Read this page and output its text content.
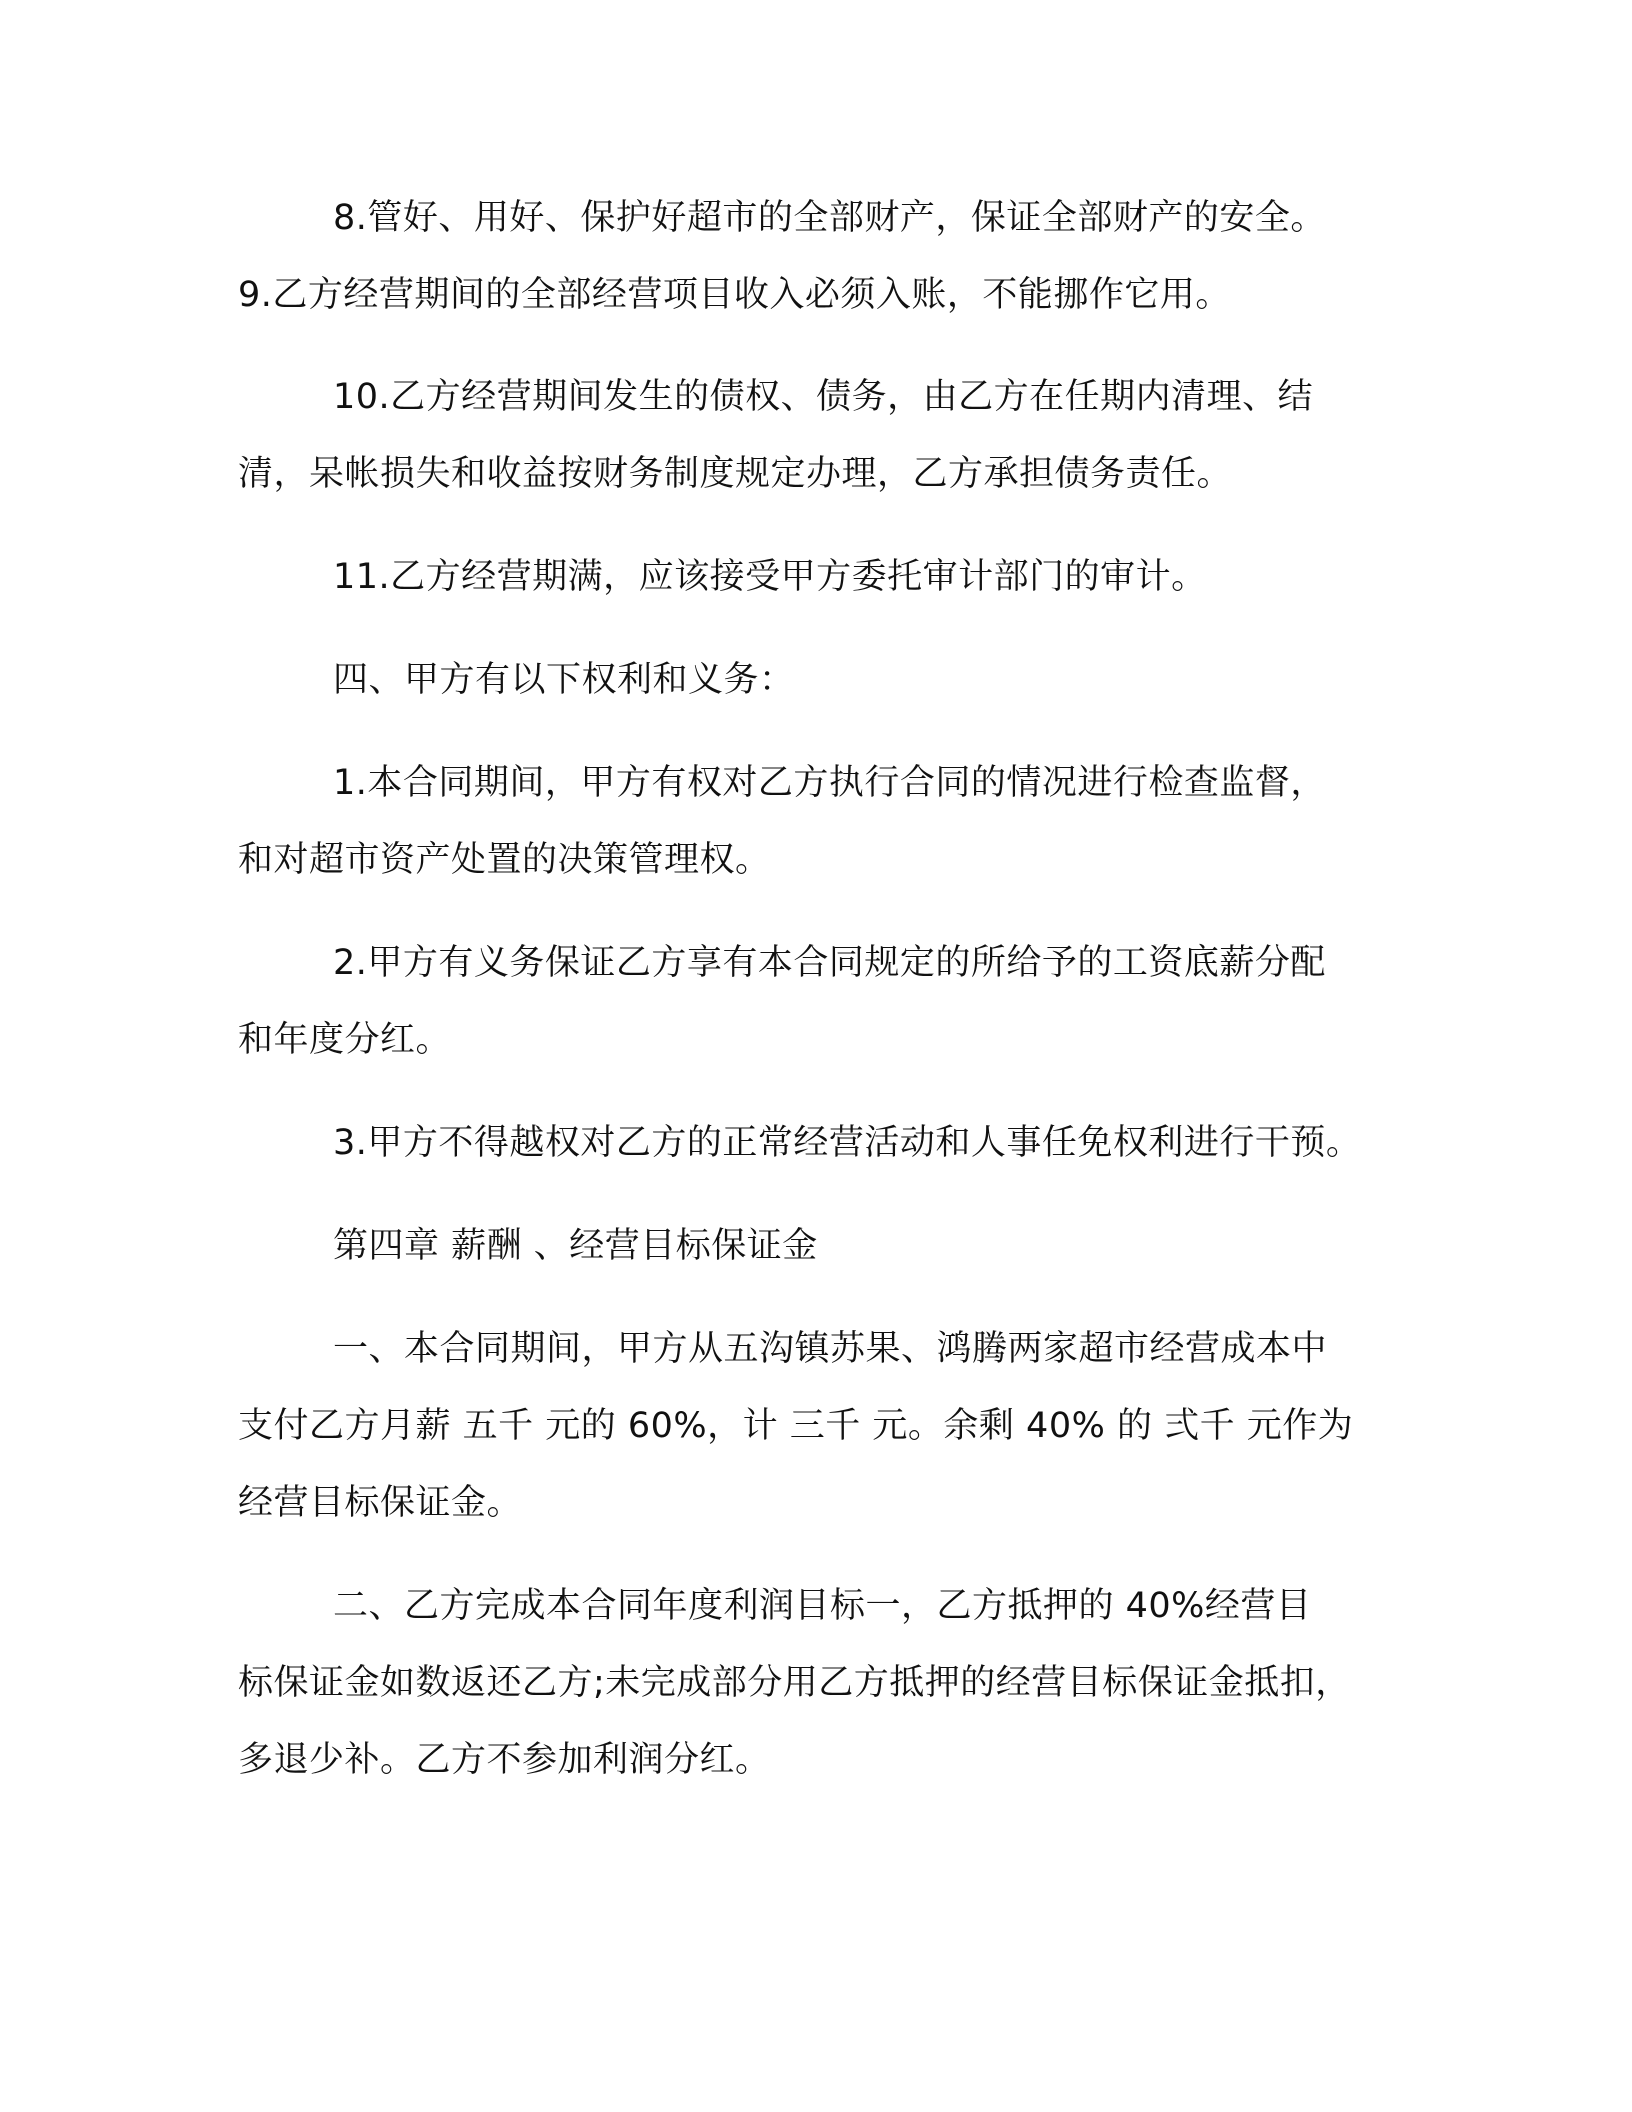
8.管好、用好、保护好超市的全部财产，保证全部财产的安全。

9.乙方经营期间的全部经营项目收入必须入账，不能挪作它用。

10.乙方经营期间发生的债权、债务，由乙方在任期内清理、结

清，呆帐损失和收益按财务制度规定办理，乙方承担债务责任。

11.乙方经营期满，应该接受甲方委托审计部门的审计。

四、甲方有以下权利和义务：

1.本合同期间，甲方有权对乙方执行合同的情况进行检查监督，

和对超市资产处置的决策管理权。

2.甲方有义务保证乙方享有本合同规定的所给予的工资底薪分配

和年度分红。

3.甲方不得越权对乙方的正常经营活动和人事任免权利进行干预。

第四章 薪酬 、经营目标保证金

一、本合同期间，甲方从五沟镇苏果、鸿腾两家超市经营成本中

支付乙方月薪 五千 元的 60%，计 三千 元。余剩 40% 的 弍千 元作为

经营目标保证金。

二、乙方完成本合同年度利润目标一，乙方抵押的 40%经营目

标保证金如数返还乙方;未完成部分用乙方抵押的经营目标保证金抵扣，

多退少补。乙方不参加利润分红。
